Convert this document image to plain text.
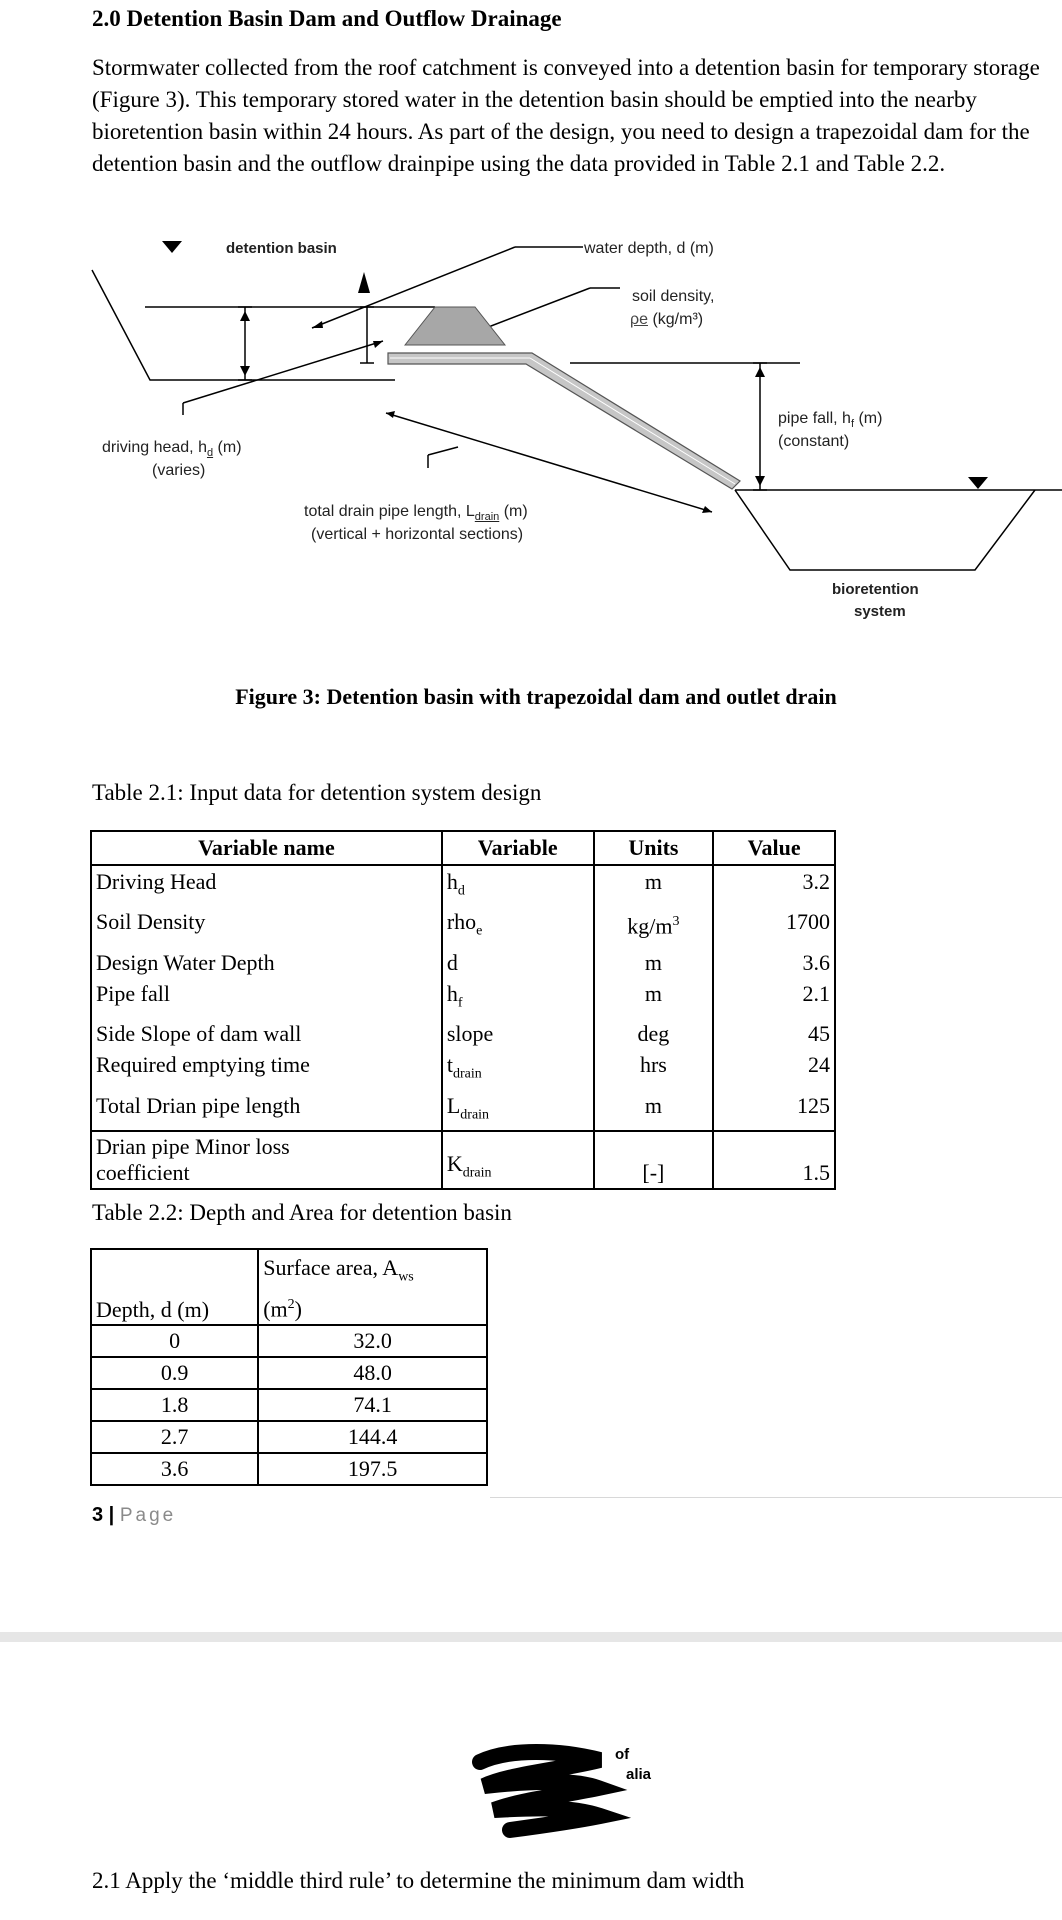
2.0 Detention Basin Dam and Outflow Drainage
Stormwater collected from the roof catchment is conveyed into a detention basin for temporary storage (Figure 3). This temporary stored water in the detention basin should be emptied into the nearby bioretention basin within 24 hours. As part of the design, you need to design a trapezoidal dam for the detention basin and the outflow drainpipe using the data provided in Table 2.1 and Table 2.2.
detention basin	water depth, d (m)
soil density,
ρe (kg/m³)
driving head, $h_d$ (m)
(varies)
pipe fall, $h_f$ (m)
(constant)
total drain pipe length, $L_{drain}$ (m)
(vertical + horizontal sections)
bioretention
system
Figure 3: Detention basin with trapezoidal dam and outlet drain
Table 2.1: Input data for detention system design
Variable name	Variable	Units	Value
Driving Head	$h_d$	m	3.2
Soil Density	rho$_e$	$kg/m^3$	1700
Design Water Depth	d	m	3.6
Pipe fall	$h_f$	m	2.1
Side Slope of dam wall	slope	deg	45
Required emptying time	$t_{drain}$	hrs	24
Total Drian pipe length	$L_{drain}$	m	125

Drian pipe Minor loss
coefficient	$K_{drain}$	[-]	1.5
Table 2.2: Depth and Area for detention basin
Depth, d (m)	Surface area, $A_{ws}$
$(m^2)$

0	32.0
0.9	48.0
1.8	74.1
2.7	144.4
3.6	197.5
3 | Page
of
alia
2.1 Apply the ‘middle third rule’ to determine the minimum dam width
